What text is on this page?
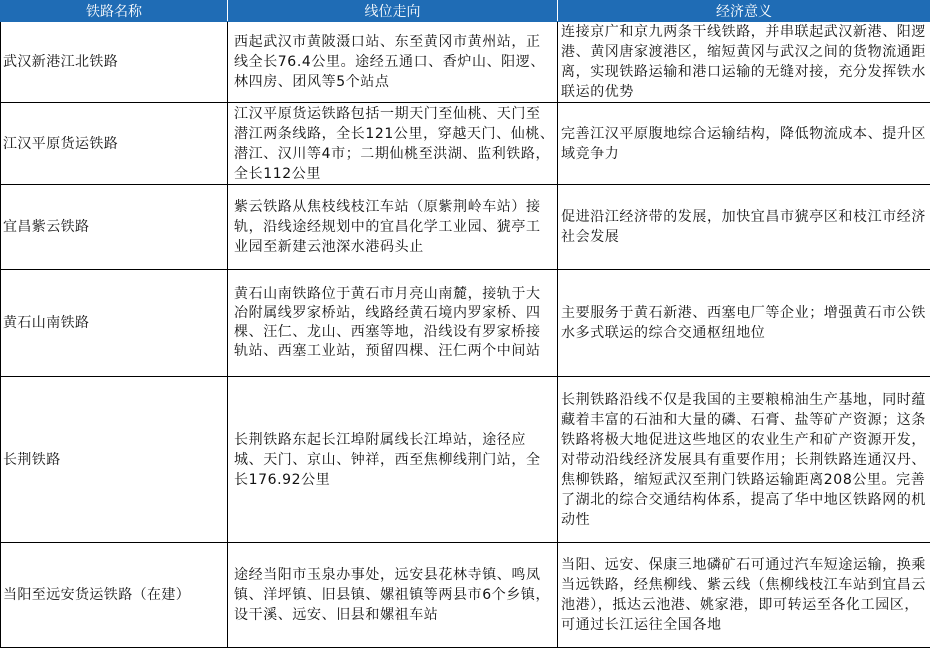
铁路名称	线位走向	经济意义
武汉新港江北铁路	西起武汉市黄陂滠口站、东至黄冈市黄州站，正线全长76.4公里。途经五通口、香炉山、阳逻、林四房、团风等5个站点	连接京广和京九两条干线铁路，并串联起武汉新港、阳逻港、黄冈唐家渡港区，缩短黄冈与武汉之间的货物流通距离，实现铁路运输和港口运输的无缝对接，充分发挥铁水联运的优势
江汉平原货运铁路	江汉平原货运铁路包括一期天门至仙桃、天门至潜江两条线路，全长121公里，穿越天门、仙桃、潜江、汉川等4市；二期仙桃至洪湖、监利铁路，全长112公里	完善江汉平原腹地综合运输结构，降低物流成本、提升区域竞争力
宜昌紫云铁路	紫云铁路从焦枝线枝江车站（原紫荆岭车站）接轨，沿线途经规划中的宜昌化学工业园、猇亭工业园至新建云池深水港码头止	促进沿江经济带的发展，加快宜昌市猇亭区和枝江市经济社会发展
黄石山南铁路	黄石山南铁路位于黄石市月亮山南麓，接轨于大冶附属线罗家桥站，线路经黄石境内罗家桥、四棵、汪仁、龙山、西塞等地，沿线设有罗家桥接轨站、西塞工业站，预留四棵、汪仁两个中间站	主要服务于黄石新港、西塞电厂等企业；增强黄石市公铁水多式联运的综合交通枢纽地位
长荆铁路	长荆铁路东起长江埠附属线长江埠站，途径应城、天门、京山、钟祥，西至焦柳线荆门站，全长176.92公里	长荆铁路沿线不仅是我国的主要粮棉油生产基地，同时蕴藏着丰富的石油和大量的磷、石膏、盐等矿产资源；这条铁路将极大地促进这些地区的农业生产和矿产资源开发，对带动沿线经济发展具有重要作用；长荆铁路连通汉丹、焦柳铁路，缩短武汉至荆门铁路运输距离208公里。完善了湖北的综合交通结构体系，提高了华中地区铁路网的机动性
当阳至远安货运铁路（在建）	途经当阳市玉泉办事处，远安县花林寺镇、鸣凤镇、洋坪镇、旧县镇、嫘祖镇等两县市6个乡镇，设干溪、远安、旧县和嫘祖车站	当阳、远安、保康三地磷矿石可通过汽车短途运输，换乘当远铁路，经焦柳线、紫云线（焦柳线枝江车站到宜昌云池港），抵达云池港、姚家港，即可转运至各化工园区，可通过长江运往全国各地
